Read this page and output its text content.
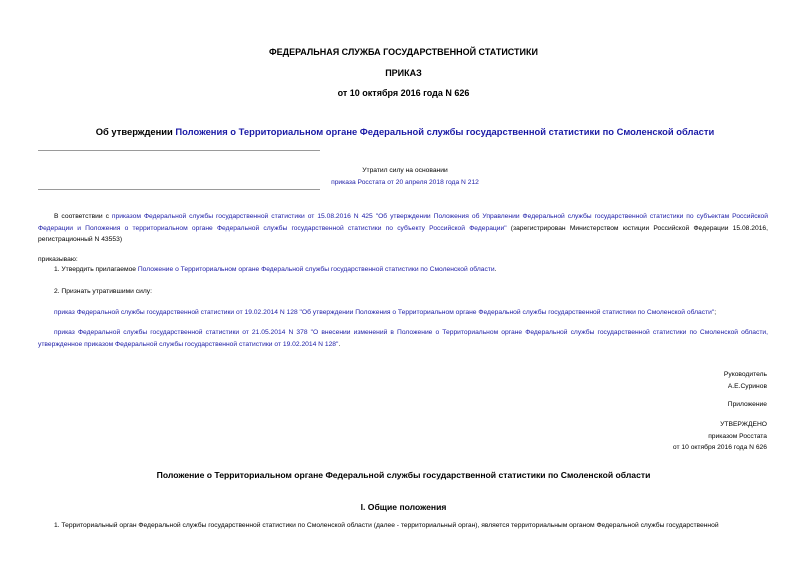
ФЕДЕРАЛЬНАЯ СЛУЖБА ГОСУДАРСТВЕННОЙ СТАТИСТИКИ
ПРИКАЗ
от 10 октября 2016 года N 626
Об утверждении Положения о Территориальном органе Федеральной службы государственной статистики по Смоленской области
Утратил силу на основании
приказа Росстата от 20 апреля 2018 года N 212
В соответствии с приказом Федеральной службы государственной статистики от 15.08.2016 N 425 "Об утверждении Положения об Управлении Федеральной службы государственной статистики по субъектам Российской Федерации и Положения о территориальном органе Федеральной службы государственной статистики по субъекту Российской Федерации" (зарегистрирован Министерством юстиции Российской Федерации 15.08.2016, регистрационный N 43553)
приказываю:
1. Утвердить прилагаемое Положение о Территориальном органе Федеральной службы государственной статистики по Смоленской области.
2. Признать утратившими силу:
приказ Федеральной службы государственной статистики от 19.02.2014 N 128 "Об утверждении Положения о Территориальном органе Федеральной службы государственной статистики по Смоленской области";
приказ Федеральной службы государственной статистики от 21.05.2014 N 378 "О внесении изменений в Положение о Территориальном органе Федеральной службы государственной статистики по Смоленской области, утвержденное приказом Федеральной службы государственной статистики от 19.02.2014 N 128".
Руководитель
А.Е.Суринов
Приложение
УТВЕРЖДЕНО
приказом Росстата
от 10 октября 2016 года N 626
Положение о Территориальном органе Федеральной службы государственной статистики по Смоленской области
I. Общие положения
1. Территориальный орган Федеральной службы государственной статистики по Смоленской области (далее - территориальный орган), является территориальным органом Федеральной службы государственной
